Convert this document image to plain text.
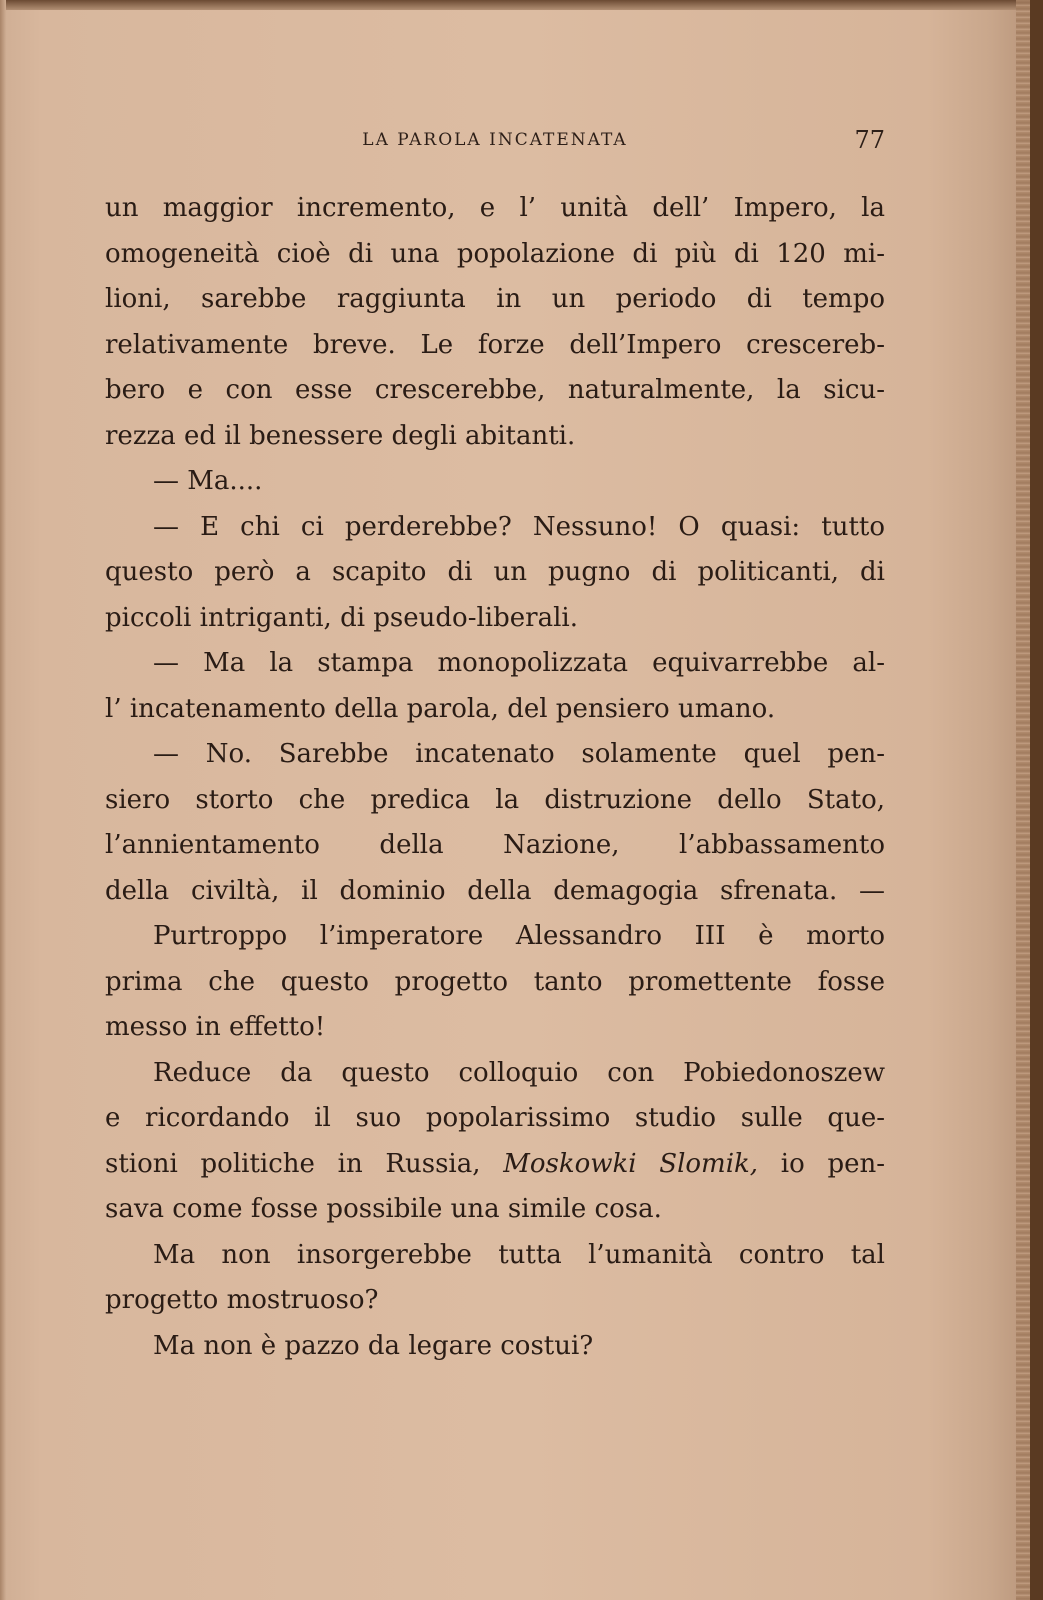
LA PAROLA INCATENATA	77
un maggior incremento, e l’ unità dell’ Impero, la
omogeneità cioè di una popolazione di più di 120 mi-
lioni, sarebbe raggiunta in un periodo di tempo
relativamente breve. Le forze dell’Impero crescereb-
bero e con esse crescerebbe, naturalmente, la sicu-
rezza ed il benessere degli abitanti.
— Ma....
— E chi ci perderebbe? Nessuno! O quasi: tutto
questo però a scapito di un pugno di politicanti, di
piccoli intriganti, di pseudo-liberali.
— Ma la stampa monopolizzata equivarrebbe al-
l’ incatenamento della parola, del pensiero umano.
— No. Sarebbe incatenato solamente quel pen-
siero storto che predica la distruzione dello Stato,
l’annientamento della Nazione, l’abbassamento
della civiltà, il dominio della demagogia sfrenata. —
Purtroppo l’imperatore Alessandro III è morto
prima che questo progetto tanto promettente fosse
messo in effetto!
Reduce da questo colloquio con Pobiedonoszew
e ricordando il suo popolarissimo studio sulle que-
stioni politiche in Russia, Moskowki Slomik, io pen-
sava come fosse possibile una simile cosa.
Ma non insorgerebbe tutta l’umanità contro tal
progetto mostruoso?
Ma non è pazzo da legare costui?
